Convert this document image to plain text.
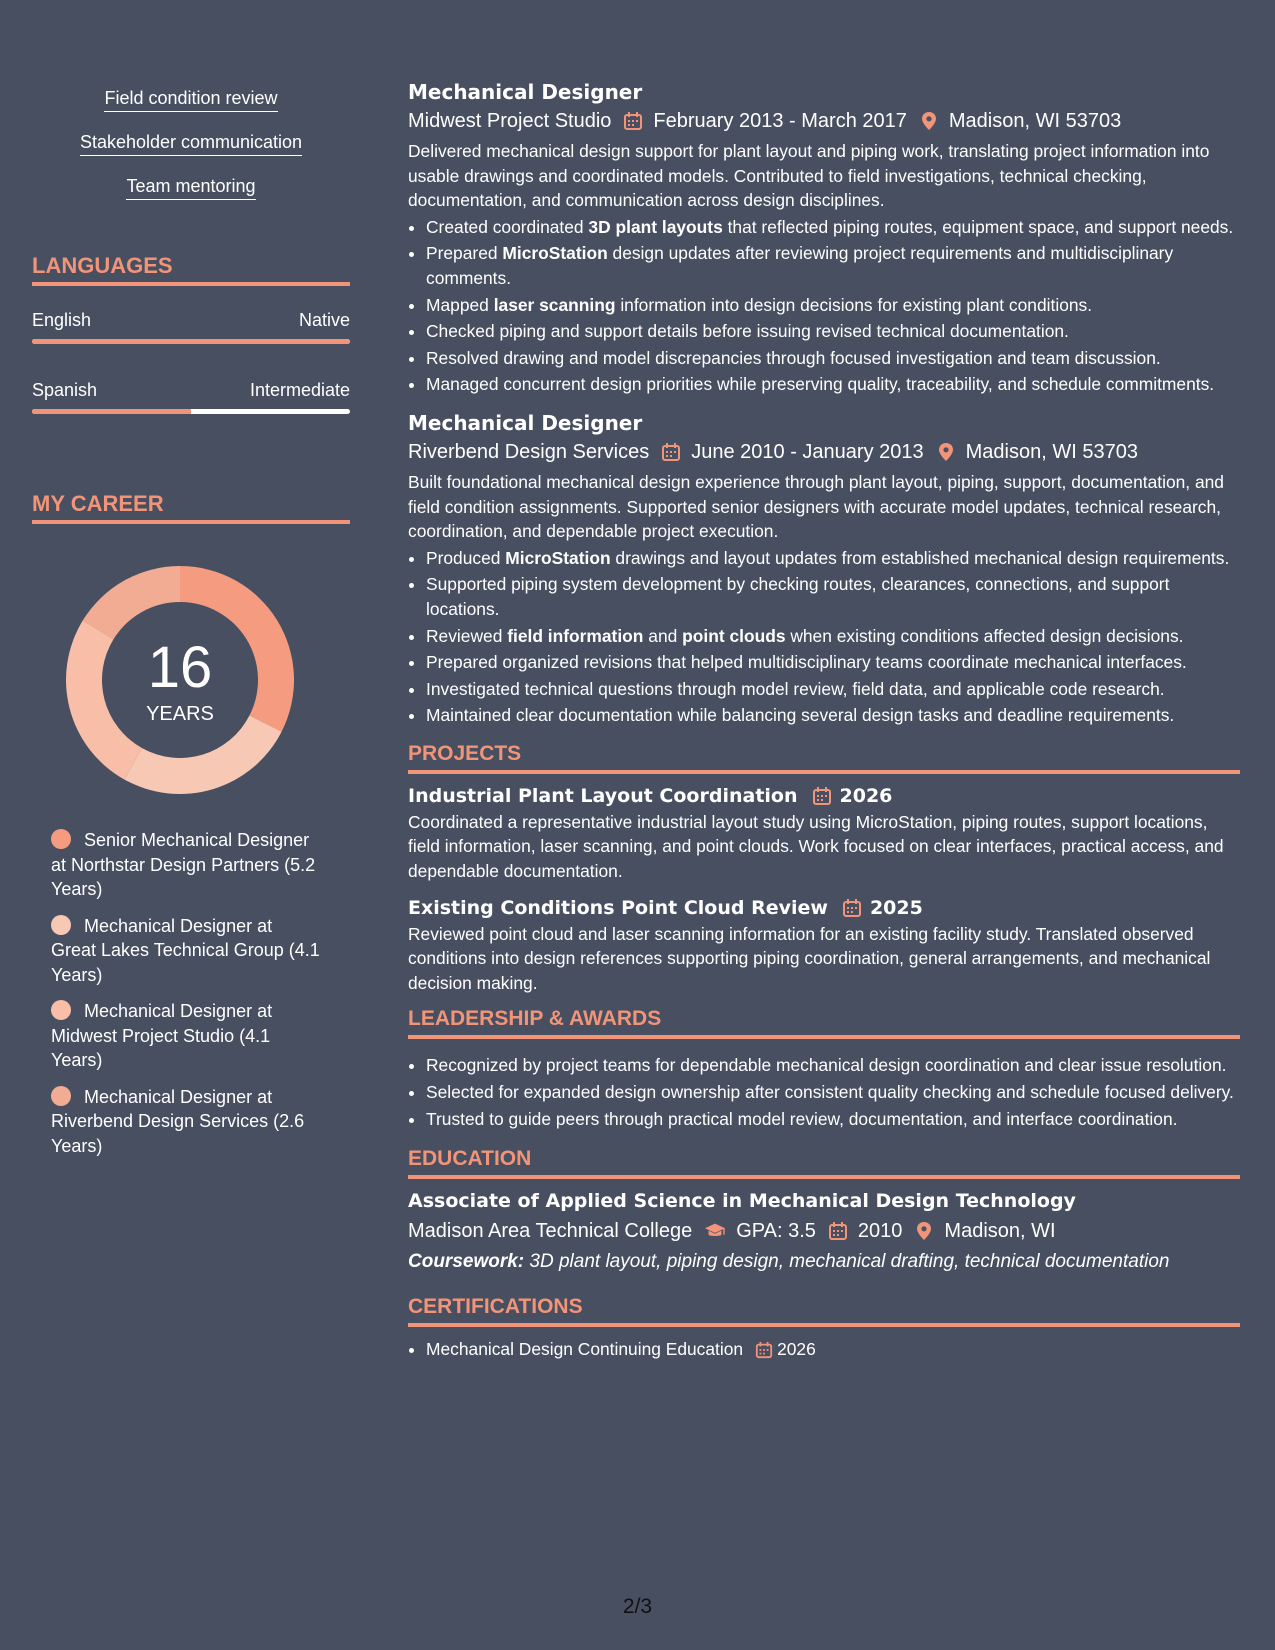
Field condition review
Stakeholder communication
Team mentoring
LANGUAGES
English	Native
Spanish	Intermediate
MY CAREER
16
YEARS
Senior Mechanical Designer at Northstar Design Partners (5.2 Years)
Mechanical Designer at Great Lakes Technical Group (4.1 Years)
Mechanical Designer at Midwest Project Studio (4.1 Years)
Mechanical Designer at Riverbend Design Services (2.6 Years)
Mechanical Designer
Midwest Project Studio February 2013 - March 2017 Madison, WI 53703

Delivered mechanical design support for plant layout and piping work, translating project information into usable drawings and coordinated models. Contributed to field investigations, technical checking, documentation, and communication across design disciplines.

• Created coordinated 3D plant layouts that reflected piping routes, equipment space, and support needs.
• Prepared MicroStation design updates after reviewing project requirements and multidisciplinary comments.
• Mapped laser scanning information into design decisions for existing plant conditions.
• Checked piping and support details before issuing revised technical documentation.
• Resolved drawing and model discrepancies through focused investigation and team discussion.
• Managed concurrent design priorities while preserving quality, traceability, and schedule commitments.
Mechanical Designer
Riverbend Design Services June 2010 - January 2013 Madison, WI 53703

Built foundational mechanical design experience through plant layout, piping, support, documentation, and field condition assignments. Supported senior designers with accurate model updates, technical research, coordination, and dependable project execution.

• Produced MicroStation drawings and layout updates from established mechanical design requirements.
• Supported piping system development by checking routes, clearances, connections, and support locations.
• Reviewed field information and point clouds when existing conditions affected design decisions.
• Prepared organized revisions that helped multidisciplinary teams coordinate mechanical interfaces.
• Investigated technical questions through model review, field data, and applicable code research.
• Maintained clear documentation while balancing several design tasks and deadline requirements.
PROJECTS
Industrial Plant Layout Coordination 2026

Coordinated a representative industrial layout study using MicroStation, piping routes, support locations, field information, laser scanning, and point clouds. Work focused on clear interfaces, practical access, and dependable documentation.

Existing Conditions Point Cloud Review 2025

Reviewed point cloud and laser scanning information for an existing facility study. Translated observed conditions into design references supporting piping coordination, general arrangements, and mechanical decision making.

LEADERSHIP & AWARDS
• Recognized by project teams for dependable mechanical design coordination and clear issue resolution.
• Selected for expanded design ownership after consistent quality checking and schedule focused delivery.
• Trusted to guide peers through practical model review, documentation, and interface coordination.
EDUCATION
Associate of Applied Science in Mechanical Design Technology
Madison Area Technical College GPA: 3.5 2010 Madison, WI
Coursework: 3D plant layout, piping design, mechanical drafting, technical documentation
CERTIFICATIONS
• Mechanical Design Continuing Education 2026
2/3
